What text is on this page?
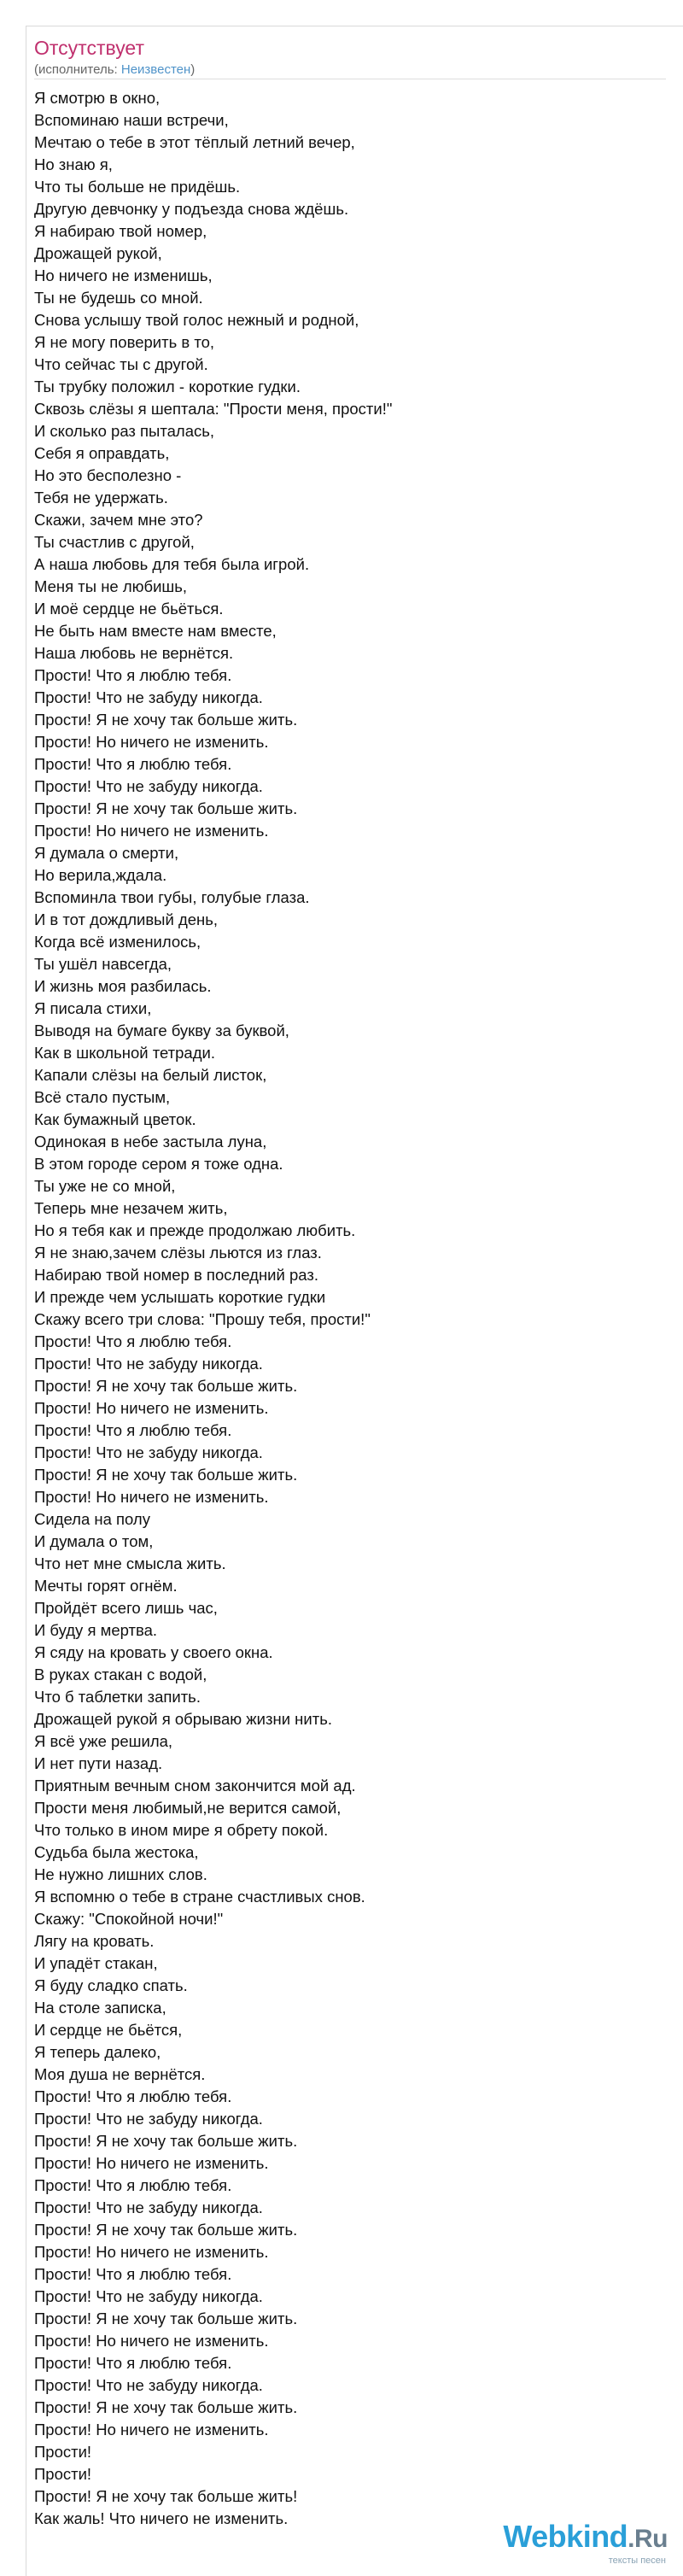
Отсутствует
(исполнитель: Неизвестен)
Я смотрю в окно,
Вспоминаю наши встречи,
Мечтаю о тебе в этот тёплый летний вечер,
Но знаю я,
Что ты больше не придёшь.
Другую девчонку у подъезда снова ждёшь.
Я набираю твой номер,
Дрожащей рукой,
Но ничего не изменишь,
Ты не будешь со мной.
Снова услышу твой голос нежный и родной,
Я не могу поверить в то,
Что сейчас ты с другой.
Ты трубку положил - короткие гудки.
Сквозь слёзы я шептала: "Прости меня, прости!"
И сколько раз пыталась,
Себя я оправдать,
Но это бесполезно -
Тебя не удержать.
Скажи, зачем мне это?
Ты счастлив с другой,
А наша любовь для тебя была игрой.
Меня ты не любишь,
И моё сердце не бьёться.
Не быть нам вместе нам вместе,
Наша любовь не вернётся.
Прости! Что я люблю тебя.
Прости! Что не забуду никогда.
Прости! Я не хочу так больше жить.
Прости! Но ничего не изменить.
Прости! Что я люблю тебя.
Прости! Что не забуду никогда.
Прости! Я не хочу так больше жить.
Прости! Но ничего не изменить.
Я думала о смерти,
Но верила,ждала.
Вспоминла твои губы, голубые глаза.
И в тот дождливый день,
Когда всё изменилось,
Ты ушёл навсегда,
И жизнь моя разбилась.
Я писала стихи,
Выводя на бумаге букву за буквой,
Как в школьной тетради.
Капали слёзы на белый листок,
Всё стало пустым,
Как бумажный цветок.
Одинокая в небе застыла луна,
В этом городе сером я тоже одна.
Ты уже не со мной,
Теперь мне незачем жить,
Но я тебя как и прежде продолжаю любить.
Я не знаю,зачем слёзы льются из глаз.
Набираю твой номер в последний раз.
И прежде чем услышать короткие гудки
Скажу всего три слова: "Прошу тебя, прости!"
Прости! Что я люблю тебя.
Прости! Что не забуду никогда.
Прости! Я не хочу так больше жить.
Прости! Но ничего не изменить.
Прости! Что я люблю тебя.
Прости! Что не забуду никогда.
Прости! Я не хочу так больше жить.
Прости! Но ничего не изменить.
Сидела на полу
И думала о том,
Что нет мне смысла жить.
Мечты горят огнём.
Пройдёт всего лишь час,
И буду я мертва.
Я сяду на кровать у своего окна.
В руках стакан с водой,
Что б таблетки запить.
Дрожащей рукой я обрываю жизни нить.
Я всё уже решила,
И нет пути назад.
Приятным вечным сном закончится мой ад.
Прости меня любимый,не верится самой,
Что только в ином мире я обрету покой.
Судьба была жестока,
Не нужно лишних слов.
Я вспомню о тебе в стране счастливых снов.
Скажу: "Спокойной ночи!"
Лягу на кровать.
И упадёт стакан,
Я буду сладко спать.
На столе записка,
И сердце не бьётся,
Я теперь далеко,
Моя душа не вернётся.
Прости! Что я люблю тебя.
Прости! Что не забуду никогда.
Прости! Я не хочу так больше жить.
Прости! Но ничего не изменить.
Прости! Что я люблю тебя.
Прости! Что не забуду никогда.
Прости! Я не хочу так больше жить.
Прости! Но ничего не изменить.
Прости! Что я люблю тебя.
Прости! Что не забуду никогда.
Прости! Я не хочу так больше жить.
Прости! Но ничего не изменить.
Прости! Что я люблю тебя.
Прости! Что не забуду никогда.
Прости! Я не хочу так больше жить.
Прости! Но ничего не изменить.
Прости!
Прости!
Прости! Я не хочу так больше жить!
Как жаль! Что ничего не изменить.
Webkind.Ru
тексты песен
